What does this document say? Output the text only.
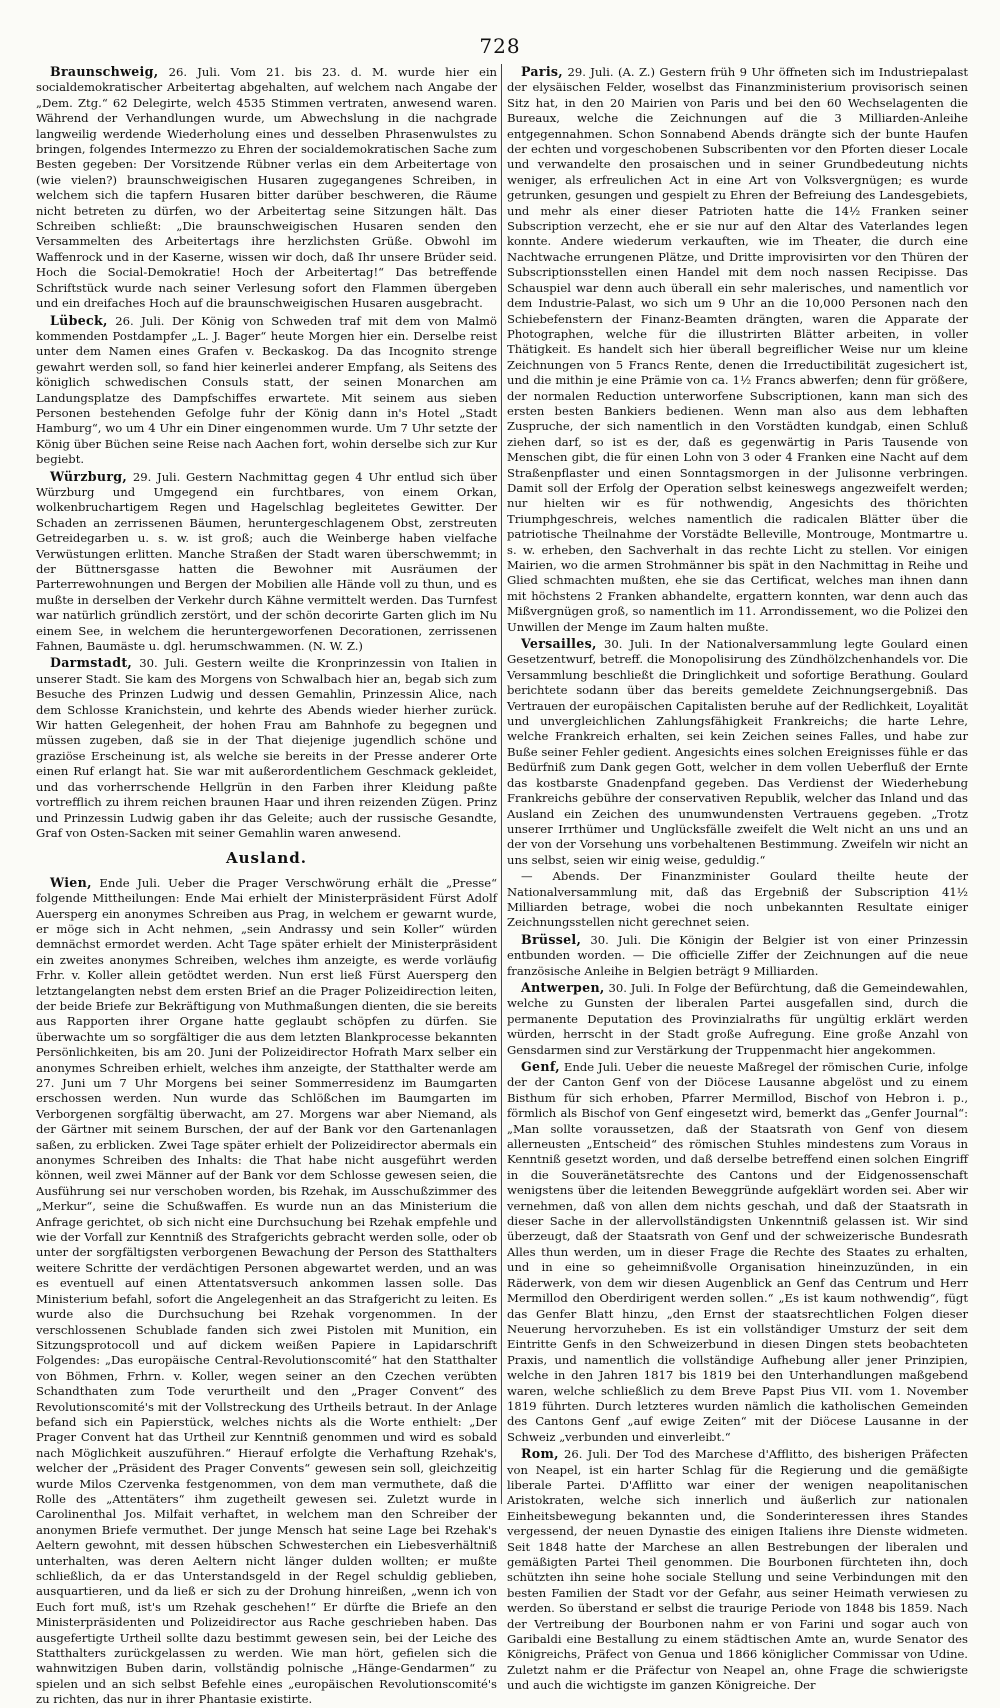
728

Braunschweig, 26. Juli. Vom 21. bis 23. d. M. wurde hier ein socialdemokratischer Arbeitertag abgehalten, auf welchem nach Angabe der „Dem. Ztg.“ 62 Delegirte, welch 4535 Stimmen vertraten, anwesend waren. Während der Verhandlungen wurde, um Abwechslung in die nachgrade langweilig werdende Wiederholung eines und desselben Phrasenwulstes zu bringen, folgendes Intermezzo zu Ehren der socialdemokratischen Sache zum Besten gegeben: Der Vorsitzende Rübner verlas ein dem Arbeitertage von (wie vielen?) braunschweigischen Husaren zugegangenes Schreiben, in welchem sich die tapfern Husaren bitter darüber beschweren, die Räume nicht betreten zu dürfen, wo der Arbeitertag seine Sitzungen hält. Das Schreiben schließt: „Die braunschweigischen Husaren senden den Versammelten des Arbeitertags ihre herzlichsten Grüße. Obwohl im Waffenrock und in der Kaserne, wissen wir doch, daß Ihr unsere Brüder seid. Hoch die Social-Demokratie! Hoch der Arbeitertag!“ Das betreffende Schriftstück wurde nach seiner Verlesung sofort den Flammen übergeben und ein dreifaches Hoch auf die braunschweigischen Husaren ausgebracht.

Lübeck, 26. Juli. Der König von Schweden traf mit dem von Malmö kommenden Postdampfer „L. J. Bager“ heute Morgen hier ein. Derselbe reist unter dem Namen eines Grafen v. Beckaskog. Da das Incognito strenge gewahrt werden soll, so fand hier keinerlei anderer Empfang, als Seitens des königlich schwedischen Consuls statt, der seinen Monarchen am Landungsplatze des Dampfschiffes erwartete. Mit seinem aus sieben Personen bestehenden Gefolge fuhr der König dann in's Hotel „Stadt Hamburg“, wo um 4 Uhr ein Diner eingenommen wurde. Um 7 Uhr setzte der König über Büchen seine Reise nach Aachen fort, wohin derselbe sich zur Kur begiebt.

Würzburg, 29. Juli. Gestern Nachmittag gegen 4 Uhr entlud sich über Würzburg und Umgegend ein furchtbares, von einem Orkan, wolkenbruchartigem Regen und Hagelschlag begleitetes Gewitter. Der Schaden an zerrissenen Bäumen, heruntergeschlagenem Obst, zerstreuten Getreidegarben u. s. w. ist groß; auch die Weinberge haben vielfache Verwüstungen erlitten. Manche Straßen der Stadt waren überschwemmt; in der Büttnersgasse hatten die Bewohner mit Ausräumen der Parterrewohnungen und Bergen der Mobilien alle Hände voll zu thun, und es mußte in derselben der Verkehr durch Kähne vermittelt werden. Das Turnfest war natürlich gründlich zerstört, und der schön decorirte Garten glich im Nu einem See, in welchem die heruntergeworfenen Decorationen, zerrissenen Fahnen, Baumäste u. dgl. herumschwammen. (N. W. Z.)

Darmstadt, 30. Juli. Gestern weilte die Kronprinzessin von Italien in unserer Stadt. Sie kam des Morgens von Schwalbach hier an, begab sich zum Besuche des Prinzen Ludwig und dessen Gemahlin, Prinzessin Alice, nach dem Schlosse Kranichstein, und kehrte des Abends wieder hierher zurück. Wir hatten Gelegenheit, der hohen Frau am Bahnhofe zu begegnen und müssen zugeben, daß sie in der That diejenige jugendlich schöne und graziöse Erscheinung ist, als welche sie bereits in der Presse anderer Orte einen Ruf erlangt hat. Sie war mit außerordentlichem Geschmack gekleidet, und das vorherrschende Hellgrün in den Farben ihrer Kleidung paßte vortrefflich zu ihrem reichen braunen Haar und ihren reizenden Zügen. Prinz und Prinzessin Ludwig gaben ihr das Geleite; auch der russische Gesandte, Graf von Osten-Sacken mit seiner Gemahlin waren anwesend.

Ausland.

Wien, Ende Juli. Ueber die Prager Verschwörung erhält die „Presse“ folgende Mittheilungen: Ende Mai erhielt der Ministerpräsident Fürst Adolf Auersperg ein anonymes Schreiben aus Prag, in welchem er gewarnt wurde, er möge sich in Acht nehmen, „sein Andrassy und sein Koller“ würden demnächst ermordet werden. Acht Tage später erhielt der Ministerpräsident ein zweites anonymes Schreiben, welches ihm anzeigte, es werde vorläufig Frhr. v. Koller allein getödtet werden. Nun erst ließ Fürst Auersperg den letztangelangten nebst dem ersten Brief an die Prager Polizeidirection leiten, der beide Briefe zur Bekräftigung von Muthmaßungen dienten, die sie bereits aus Rapporten ihrer Organe hatte geglaubt schöpfen zu dürfen. Sie überwachte um so sorgfältiger die aus dem letzten Blankprocesse bekannten Persönlichkeiten, bis am 20. Juni der Polizeidirector Hofrath Marx selber ein anonymes Schreiben erhielt, welches ihm anzeigte, der Statthalter werde am 27. Juni um 7 Uhr Morgens bei seiner Sommerresidenz im Baumgarten erschossen werden. Nun wurde das Schlößchen im Baumgarten im Verborgenen sorgfältig überwacht, am 27. Morgens war aber Niemand, als der Gärtner mit seinem Burschen, der auf der Bank vor den Gartenanlagen saßen, zu erblicken. Zwei Tage später erhielt der Polizeidirector abermals ein anonymes Schreiben des Inhalts: die That habe nicht ausgeführt werden können, weil zwei Männer auf der Bank vor dem Schlosse gewesen seien, die Ausführung sei nur verschoben worden, bis Rzehak, im Ausschußzimmer des „Merkur“, seine die Schußwaffen. Es wurde nun an das Ministerium die Anfrage gerichtet, ob sich nicht eine Durchsuchung bei Rzehak empfehle und wie der Vorfall zur Kenntniß des Strafgerichts gebracht werden solle, oder ob unter der sorgfältigsten verborgenen Bewachung der Person des Statthalters weitere Schritte der verdächtigen Personen abgewartet werden, und an was es eventuell auf einen Attentatsversuch ankommen lassen solle. Das Ministerium befahl, sofort die Angelegenheit an das Strafgericht zu leiten. Es wurde also die Durchsuchung bei Rzehak vorgenommen. In der verschlossenen Schublade fanden sich zwei Pistolen mit Munition, ein Sitzungsprotocoll und auf dickem weißen Papiere in Lapidarschrift Folgendes: „Das europäische Central-Revolutionscomité“ hat den Statthalter von Böhmen, Frhrn. v. Koller, wegen seiner an den Czechen verübten Schandthaten zum Tode verurtheilt und den „Prager Convent“ des Revolutionscomité's mit der Vollstreckung des Urtheils betraut. In der Anlage befand sich ein Papierstück, welches nichts als die Worte enthielt: „Der Prager Convent hat das Urtheil zur Kenntniß genommen und wird es sobald nach Möglichkeit auszuführen.“ Hierauf erfolgte die Verhaftung Rzehak's, welcher der „Präsident des Prager Convents“ gewesen sein soll, gleichzeitig wurde Milos Czervenka festgenommen, von dem man vermuthete, daß die Rolle des „Attentäters“ ihm zugetheilt gewesen sei. Zuletzt wurde in Carolinenthal Jos. Milfait verhaftet, in welchem man den Schreiber der anonymen Briefe vermuthet. Der junge Mensch hat seine Lage bei Rzehak's Aeltern gewohnt, mit dessen hübschen Schwesterchen ein Liebesverhältniß unterhalten, was deren Aeltern nicht länger dulden wollten; er mußte schließlich, da er das Unterstandsgeld in der Regel schuldig geblieben, ausquartieren, und da ließ er sich zu der Drohung hinreißen, „wenn ich von Euch fort muß, ist's um Rzehak geschehen!“ Er dürfte die Briefe an den Ministerpräsidenten und Polizeidirector aus Rache geschrieben haben. Das ausgefertigte Urtheil sollte dazu bestimmt gewesen sein, bei der Leiche des Statthalters zurückgelassen zu werden. Wie man hört, gefielen sich die wahnwitzigen Buben darin, vollständig polnische „Hänge-Gendarmen“ zu spielen und an sich selbst Befehle eines „europäischen Revolutionscomité's zu richten, das nur in ihrer Phantasie existirte.

Paris, 29. Juli. (A. Z.) Gestern früh 9 Uhr öffneten sich im Industriepalast der elysäischen Felder, woselbst das Finanzministerium provisorisch seinen Sitz hat, in den 20 Mairien von Paris und bei den 60 Wechselagenten die Bureaux, welche die Zeichnungen auf die 3 Milliarden-Anleihe entgegennahmen. Schon Sonnabend Abends drängte sich der bunte Haufen der echten und vorgeschobenen Subscribenten vor den Pforten dieser Locale und verwandelte den prosaischen und in seiner Grundbedeutung nichts weniger, als erfreulichen Act in eine Art von Volksvergnügen; es wurde getrunken, gesungen und gespielt zu Ehren der Befreiung des Landesgebiets, und mehr als einer dieser Patrioten hatte die 14½ Franken seiner Subscription verzecht, ehe er sie nur auf den Altar des Vaterlandes legen konnte. Andere wiederum verkauften, wie im Theater, die durch eine Nachtwache errungenen Plätze, und Dritte improvisirten vor den Thüren der Subscriptionsstellen einen Handel mit dem noch nassen Recipisse. Das Schauspiel war denn auch überall ein sehr malerisches, und namentlich vor dem Industrie-Palast, wo sich um 9 Uhr an die 10,000 Personen nach den Schiebefenstern der Finanz-Beamten drängten, waren die Apparate der Photographen, welche für die illustrirten Blätter arbeiten, in voller Thätigkeit. Es handelt sich hier überall begreiflicher Weise nur um kleine Zeichnungen von 5 Francs Rente, denen die Irreductibilität zugesichert ist, und die mithin je eine Prämie von ca. 1½ Francs abwerfen; denn für größere, der normalen Reduction unterworfene Subscriptionen, kann man sich des ersten besten Bankiers bedienen. Wenn man also aus dem lebhaften Zuspruche, der sich namentlich in den Vorstädten kundgab, einen Schluß ziehen darf, so ist es der, daß es gegenwärtig in Paris Tausende von Menschen gibt, die für einen Lohn von 3 oder 4 Franken eine Nacht auf dem Straßenpflaster und einen Sonntagsmorgen in der Julisonne verbringen. Damit soll der Erfolg der Operation selbst keineswegs angezweifelt werden; nur hielten wir es für nothwendig, Angesichts des thörichten Triumphgeschreis, welches namentlich die radicalen Blätter über die patriotische Theilnahme der Vorstädte Belleville, Montrouge, Montmartre u. s. w. erheben, den Sachverhalt in das rechte Licht zu stellen. Vor einigen Mairien, wo die armen Strohmänner bis spät in den Nachmittag in Reihe und Glied schmachten mußten, ehe sie das Certificat, welches man ihnen dann mit höchstens 2 Franken abhandelte, ergattern konnten, war denn auch das Mißvergnügen groß, so namentlich im 11. Arrondissement, wo die Polizei den Unwillen der Menge im Zaum halten mußte.

Versailles, 30. Juli. In der Nationalversammlung legte Goulard einen Gesetzentwurf, betreff. die Monopolisirung des Zündhölzchenhandels vor. Die Versammlung beschließt die Dringlichkeit und sofortige Berathung. Goulard berichtete sodann über das bereits gemeldete Zeichnungsergebniß. Das Vertrauen der europäischen Capitalisten beruhe auf der Redlichkeit, Loyalität und unvergleichlichen Zahlungsfähigkeit Frankreichs; die harte Lehre, welche Frankreich erhalten, sei kein Zeichen seines Falles, und habe zur Buße seiner Fehler gedient. Angesichts eines solchen Ereignisses fühle er das Bedürfniß zum Dank gegen Gott, welcher in dem vollen Ueberfluß der Ernte das kostbarste Gnadenpfand gegeben. Das Verdienst der Wiederhebung Frankreichs gebühre der conservativen Republik, welcher das Inland und das Ausland ein Zeichen des unumwundensten Vertrauens gegeben. „Trotz unserer Irrthümer und Unglücksfälle zweifelt die Welt nicht an uns und an der von der Vorsehung uns vorbehaltenen Bestimmung. Zweifeln wir nicht an uns selbst, seien wir einig weise, geduldig.“

— Abends. Der Finanzminister Goulard theilte heute der Nationalversammlung mit, daß das Ergebniß der Subscription 41½ Milliarden betrage, wobei die noch unbekannten Resultate einiger Zeichnungsstellen nicht gerechnet seien.

Brüssel, 30. Juli. Die Königin der Belgier ist von einer Prinzessin entbunden worden. — Die officielle Ziffer der Zeichnungen auf die neue französische Anleihe in Belgien beträgt 9 Milliarden.

Antwerpen, 30. Juli. In Folge der Befürchtung, daß die Gemeindewahlen, welche zu Gunsten der liberalen Partei ausgefallen sind, durch die permanente Deputation des Provinzialraths für ungültig erklärt werden würden, herrscht in der Stadt große Aufregung. Eine große Anzahl von Gensdarmen sind zur Verstärkung der Truppenmacht hier angekommen.

Genf, Ende Juli. Ueber die neueste Maßregel der römischen Curie, infolge der der Canton Genf von der Diöcese Lausanne abgelöst und zu einem Bisthum für sich erhoben, Pfarrer Mermillod, Bischof von Hebron i. p., förmlich als Bischof von Genf eingesetzt wird, bemerkt das „Genfer Journal“: „Man sollte voraussetzen, daß der Staatsrath von Genf von diesem allerneusten „Entscheid“ des römischen Stuhles mindestens zum Voraus in Kenntniß gesetzt worden, und daß derselbe betreffend einen solchen Eingriff in die Souveränetätsrechte des Cantons und der Eidgenossenschaft wenigstens über die leitenden Beweggründe aufgeklärt worden sei. Aber wir vernehmen, daß von allen dem nichts geschah, und daß der Staatsrath in dieser Sache in der allervollständigsten Unkenntniß gelassen ist. Wir sind überzeugt, daß der Staatsrath von Genf und der schweizerische Bundesrath Alles thun werden, um in dieser Frage die Rechte des Staates zu erhalten, und in eine so geheimnißvolle Organisation hineinzuzünden, in ein Räderwerk, von dem wir diesen Augenblick an Genf das Centrum und Herr Mermillod den Oberdirigent werden sollen.“ „Es ist kaum nothwendig“, fügt das Genfer Blatt hinzu, „den Ernst der staatsrechtlichen Folgen dieser Neuerung hervorzuheben. Es ist ein vollständiger Umsturz der seit dem Eintritte Genfs in den Schweizerbund in diesen Dingen stets beobachteten Praxis, und namentlich die vollständige Aufhebung aller jener Prinzipien, welche in den Jahren 1817 bis 1819 bei den Unterhandlungen maßgebend waren, welche schließlich zu dem Breve Papst Pius VII. vom 1. November 1819 führten. Durch letzteres wurden nämlich die katholischen Gemeinden des Cantons Genf „auf ewige Zeiten“ mit der Diöcese Lausanne in der Schweiz „verbunden und einverleibt.“

Rom, 26. Juli. Der Tod des Marchese d'Afflitto, des bisherigen Präfecten von Neapel, ist ein harter Schlag für die Regierung und die gemäßigte liberale Partei. D'Afflitto war einer der wenigen neapolitanischen Aristokraten, welche sich innerlich und äußerlich zur nationalen Einheitsbewegung bekannten und, die Sonderinteressen ihres Standes vergessend, der neuen Dynastie des einigen Italiens ihre Dienste widmeten. Seit 1848 hatte der Marchese an allen Bestrebungen der liberalen und gemäßigten Partei Theil genommen. Die Bourbonen fürchteten ihn, doch schützten ihn seine hohe sociale Stellung und seine Verbindungen mit den besten Familien der Stadt vor der Gefahr, aus seiner Heimath verwiesen zu werden. So überstand er selbst die traurige Periode von 1848 bis 1859. Nach der Vertreibung der Bourbonen nahm er von Farini und sogar auch von Garibaldi eine Bestallung zu einem städtischen Amte an, wurde Senator des Königreichs, Präfect von Genua und 1866 königlicher Commissar von Udine. Zuletzt nahm er die Präfectur von Neapel an, ohne Frage die schwierigste und auch die wichtigste im ganzen Königreiche. Der
